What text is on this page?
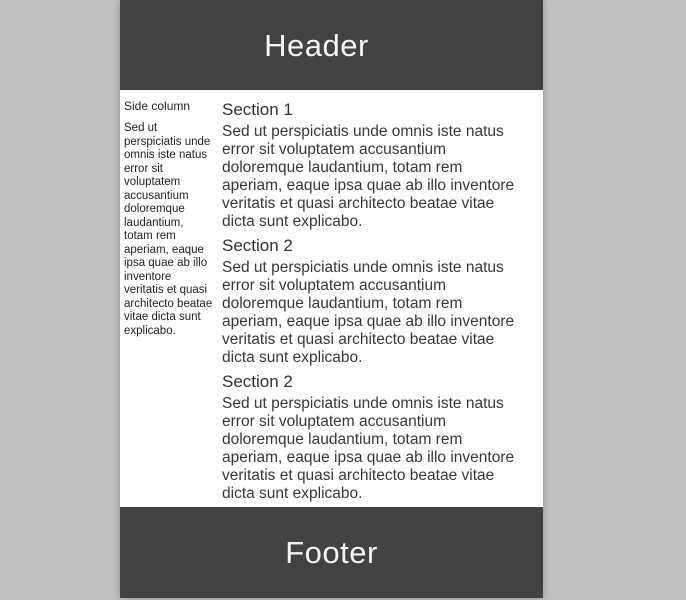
Header
Side column

Sed ut perspiciatis unde omnis iste natus error sit voluptatem accusantium doloremque laudantium, totam rem aperiam, eaque ipsa quae ab illo inventore veritatis et quasi architecto beatae vitae dicta sunt explicabo.

Section 1

Sed ut perspiciatis unde omnis iste natus error sit voluptatem accusantium doloremque laudantium, totam rem aperiam, eaque ipsa quae ab illo inventore veritatis et quasi architecto beatae vitae dicta sunt explicabo.

Section 2

Sed ut perspiciatis unde omnis iste natus error sit voluptatem accusantium doloremque laudantium, totam rem aperiam, eaque ipsa quae ab illo inventore veritatis et quasi architecto beatae vitae dicta sunt explicabo.

Section 2

Sed ut perspiciatis unde omnis iste natus error sit voluptatem accusantium doloremque laudantium, totam rem aperiam, eaque ipsa quae ab illo inventore veritatis et quasi architecto beatae vitae dicta sunt explicabo.

Footer
